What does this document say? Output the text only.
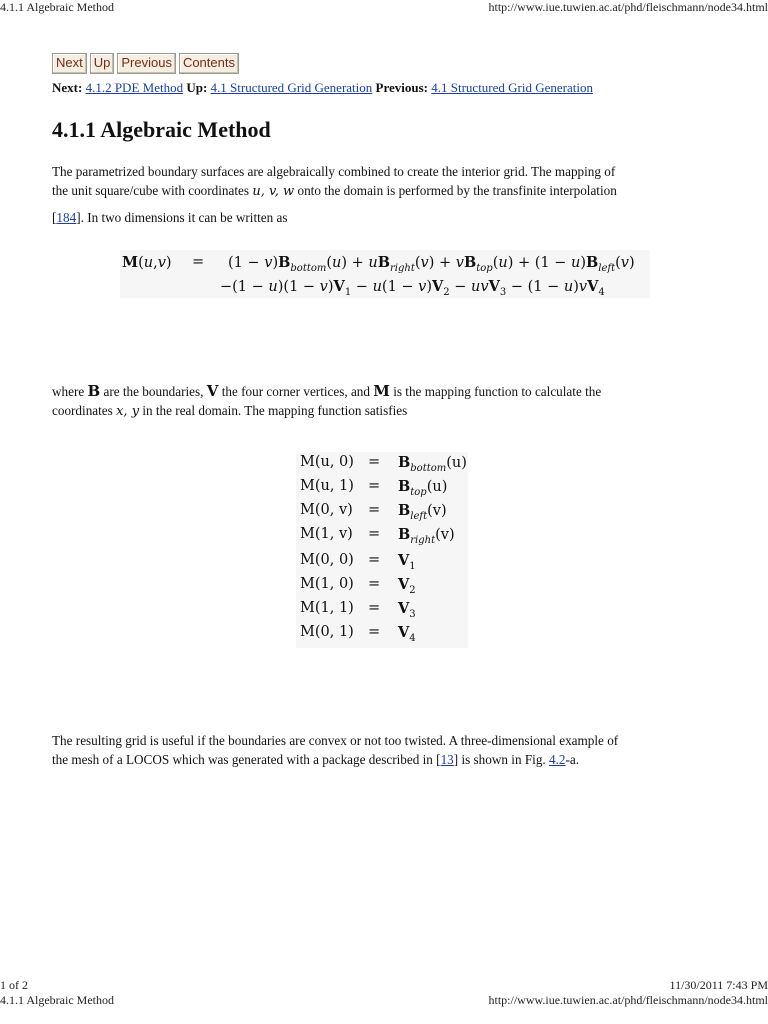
4.1.1 Algebraic Method	http://www.iue.tuwien.ac.at/phd/fleischmann/node34.html
Next Up Previous Contents
Next: 4.1.2 PDE Method Up: 4.1 Structured Grid Generation Previous: 4.1 Structured Grid Generation
4.1.1 Algebraic Method
The parametrized boundary surfaces are algebraically combined to create the interior grid. The mapping of
the unit square/cube with coordinates u, v, w onto the domain is performed by the transfinite interpolation
[184]. In two dimensions it can be written as
$M(u,v) = (1 - v)B_{bottom}(u) + uB_{right}(v) + vB_{top}(u) + (1 - u)B_{left}(v)$
$-(1 - u)(1 - v)V_1 - u(1 - v)V_2 - uvV_3 - (1 - u)vV_4$
where B are the boundaries, V the four corner vertices, and M is the mapping function to calculate the
coordinates x, y in the real domain. The mapping function satisfies
M(u, $0) = B_{bottom}(u)$
M(u, $1) = B_{top}(u)$
M(0, $v) = B_{left}(v)$
M(1, $v) = B_{right}(v)$
M(0, $0) = V_1$
M(1, $0) = V_2$
M(1, $1) = V_3$
M(0, $1) = V_4$
The resulting grid is useful if the boundaries are convex or not too twisted. A three-dimensional example of
the mesh of a LOCOS which was generated with a package described in [13] is shown in Fig. 4.2-a.
1 of 2	11/30/2011 7:43 PM
4.1.1 Algebraic Method	http://www.iue.tuwien.ac.at/phd/fleischmann/node34.html
